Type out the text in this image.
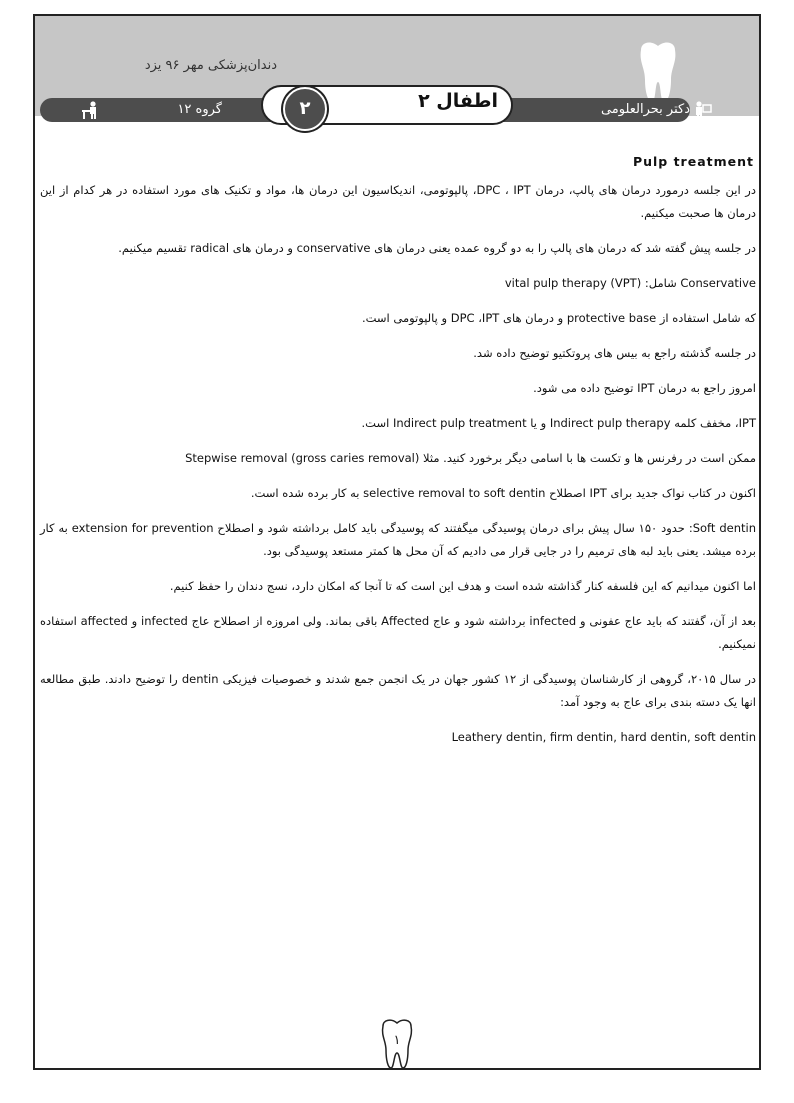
دندان‌پزشکی مهر ۹۶ یزد
دکتر بحرالعلومی
گروه ۱۲	اطفال ۲
۲
Pulp treatment

در این جلسه درمورد درمان های پالپ، درمان DPC ، IPT، پالپوتومی، اندیکاسیون این درمان ها، مواد و تکنیک های مورد استفاده در هر کدام از این درمان ها صحبت میکنیم.

در جلسه پیش گفته شد که درمان های پالپ را به دو گروه عمده یعنی درمان های conservative و درمان های radical تقسیم میکنیم.

Conservative شامل: vital pulp therapy (VPT)

که شامل استفاده از protective base و درمان های DPC ،IPT و پالپوتومی است.

در جلسه گذشته راجع به بیس های پروتکتیو توضیح داده شد.

امروز راجع به درمان IPT توضیح داده می شود.

IPT، مخفف کلمه Indirect pulp therapy و یا Indirect pulp treatment است.

ممکن است در رفرنس ها و تکست ها با اسامی دیگر برخورد کنید. مثلا (Stepwise removal (gross caries removal

اکنون در کتاب نواک جدید برای IPT اصطلاح selective removal to soft dentin به کار برده شده است.

Soft dentin: حدود ۱۵۰ سال پیش برای درمان پوسیدگی میگفتند که پوسیدگی باید کامل برداشته شود و اصطلاح extension for prevention به کار برده میشد. یعنی باید لبه های ترمیم را در جایی قرار می دادیم که آن محل ها کمتر مستعد پوسیدگی بود.

اما اکنون میدانیم که این فلسفه کنار گذاشته شده است و هدف این است که تا آنجا که امکان دارد، نسج دندان را حفظ کنیم.

بعد از آن، گفتند که باید عاج عفونی و infected برداشته شود و عاج Affected باقی بماند. ولی امروزه از اصطلاح عاج infected و affected استفاده نمیکنیم.

در سال ۲۰۱۵، گروهی از کارشناسان پوسیدگی از ۱۲ کشور جهان در یک انجمن جمع شدند و خصوصیات فیزیکی dentin را توضیح دادند. طبق مطالعه انها یک دسته بندی برای عاج به وجود آمد:

Leathery dentin, firm dentin, hard dentin, soft dentin

۱
